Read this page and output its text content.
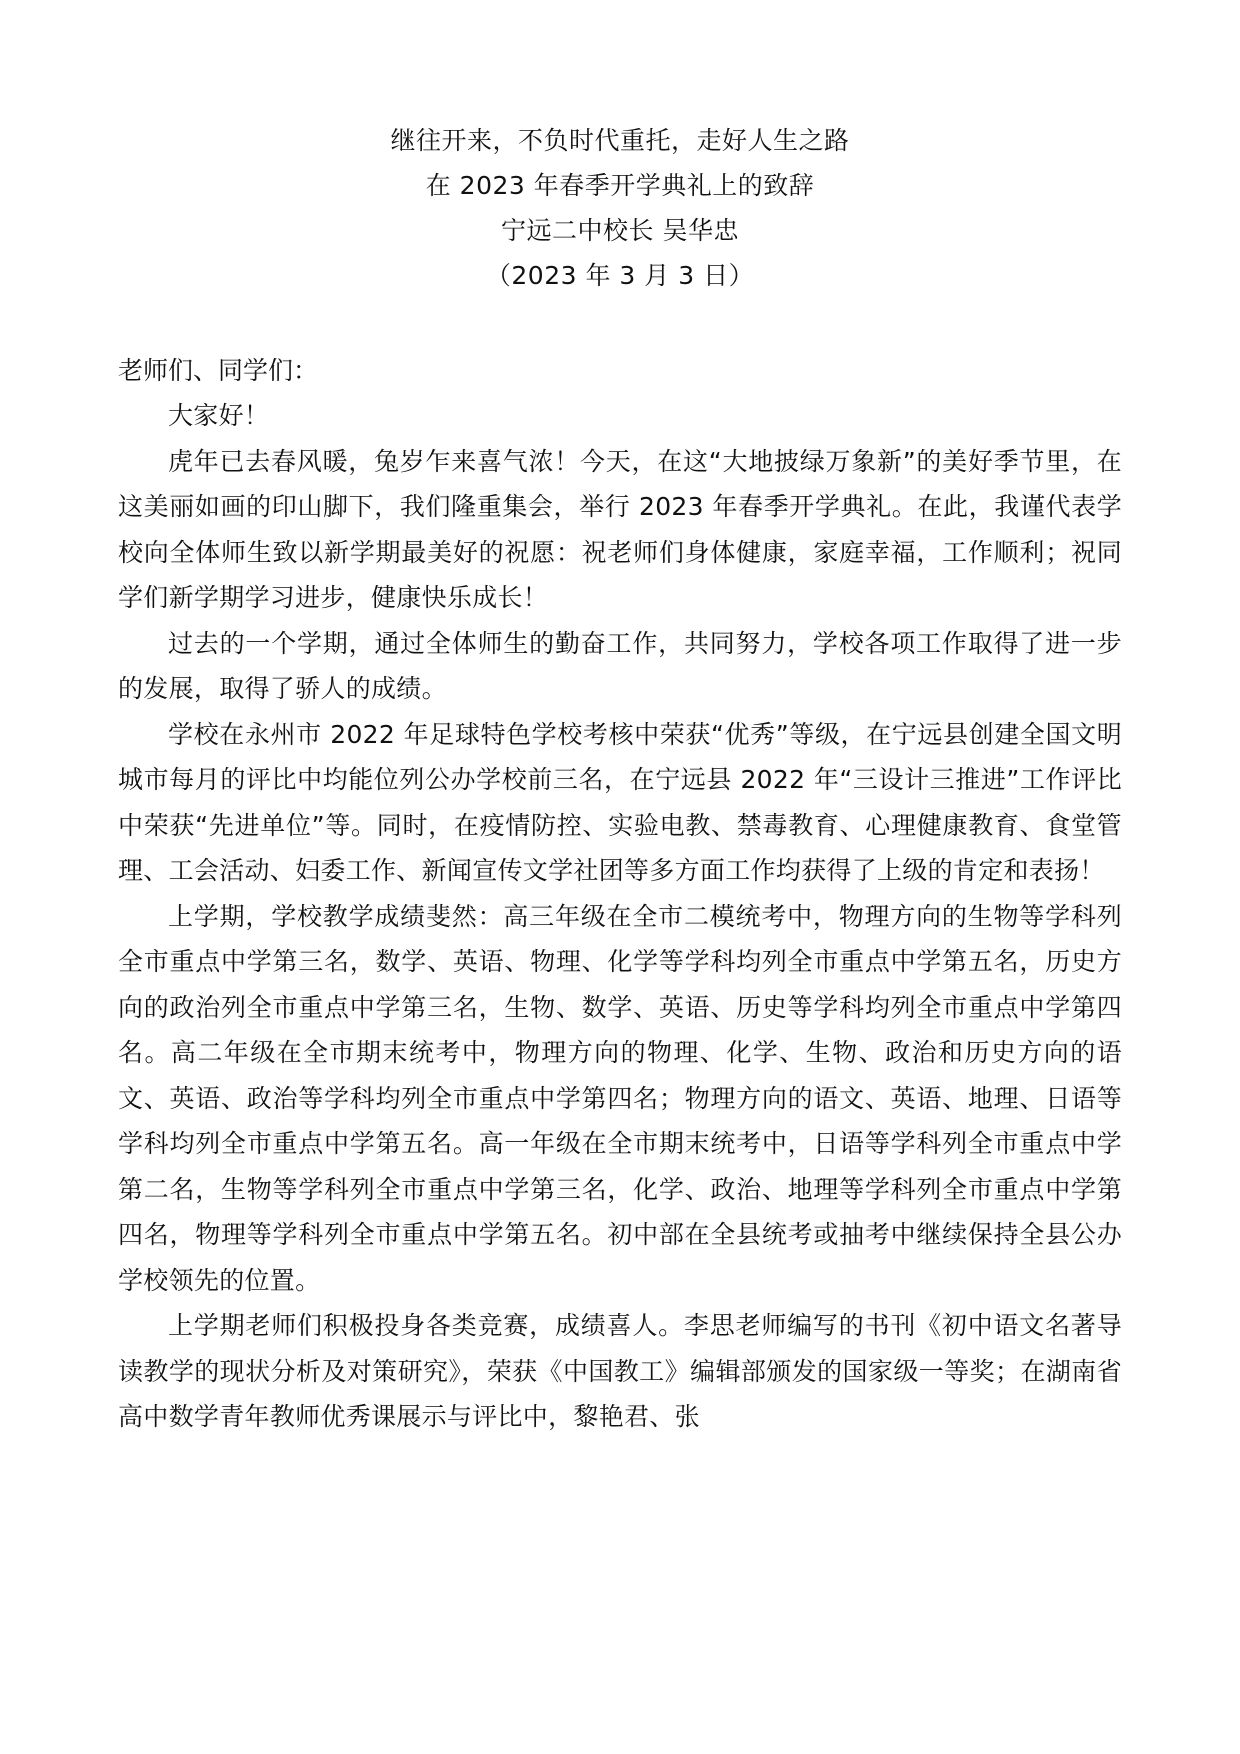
继往开来，不负时代重托，走好人生之路

在 2023 年春季开学典礼上的致辞

宁远二中校长 吴华忠

（2023 年 3 月 3 日）

老师们、同学们：

大家好！

虎年已去春风暖，兔岁乍来喜气浓！今天，在这“大地披绿万象新”的美好季节里，在这美丽如画的印山脚下，我们隆重集会，举行 2023 年春季开学典礼。在此，我谨代表学校向全体师生致以新学期最美好的祝愿：祝老师们身体健康，家庭幸福，工作顺利；祝同学们新学期学习进步，健康快乐成长！

过去的一个学期，通过全体师生的勤奋工作，共同努力，学校各项工作取得了进一步的发展，取得了骄人的成绩。

学校在永州市 2022 年足球特色学校考核中荣获“优秀”等级，在宁远县创建全国文明城市每月的评比中均能位列公办学校前三名，在宁远县 2022 年“三设计三推进”工作评比中荣获“先进单位”等。同时，在疫情防控、实验电教、禁毒教育、心理健康教育、食堂管理、工会活动、妇委工作、新闻宣传文学社团等多方面工作均获得了上级的肯定和表扬！

上学期，学校教学成绩斐然：高三年级在全市二模统考中，物理方向的生物等学科列全市重点中学第三名，数学、英语、物理、化学等学科均列全市重点中学第五名，历史方向的政治列全市重点中学第三名，生物、数学、英语、历史等学科均列全市重点中学第四名。高二年级在全市期末统考中，物理方向的物理、化学、生物、政治和历史方向的语文、英语、政治等学科均列全市重点中学第四名；物理方向的语文、英语、地理、日语等学科均列全市重点中学第五名。高一年级在全市期末统考中，日语等学科列全市重点中学第二名，生物等学科列全市重点中学第三名，化学、政治、地理等学科列全市重点中学第四名，物理等学科列全市重点中学第五名。初中部在全县统考或抽考中继续保持全县公办学校领先的位置。

上学期老师们积极投身各类竞赛，成绩喜人。李思老师编写的书刊《初中语文名著导读教学的现状分析及对策研究》，荣获《中国教工》编辑部颁发的国家级一等奖；在湖南省高中数学青年教师优秀课展示与评比中，黎艳君、张
